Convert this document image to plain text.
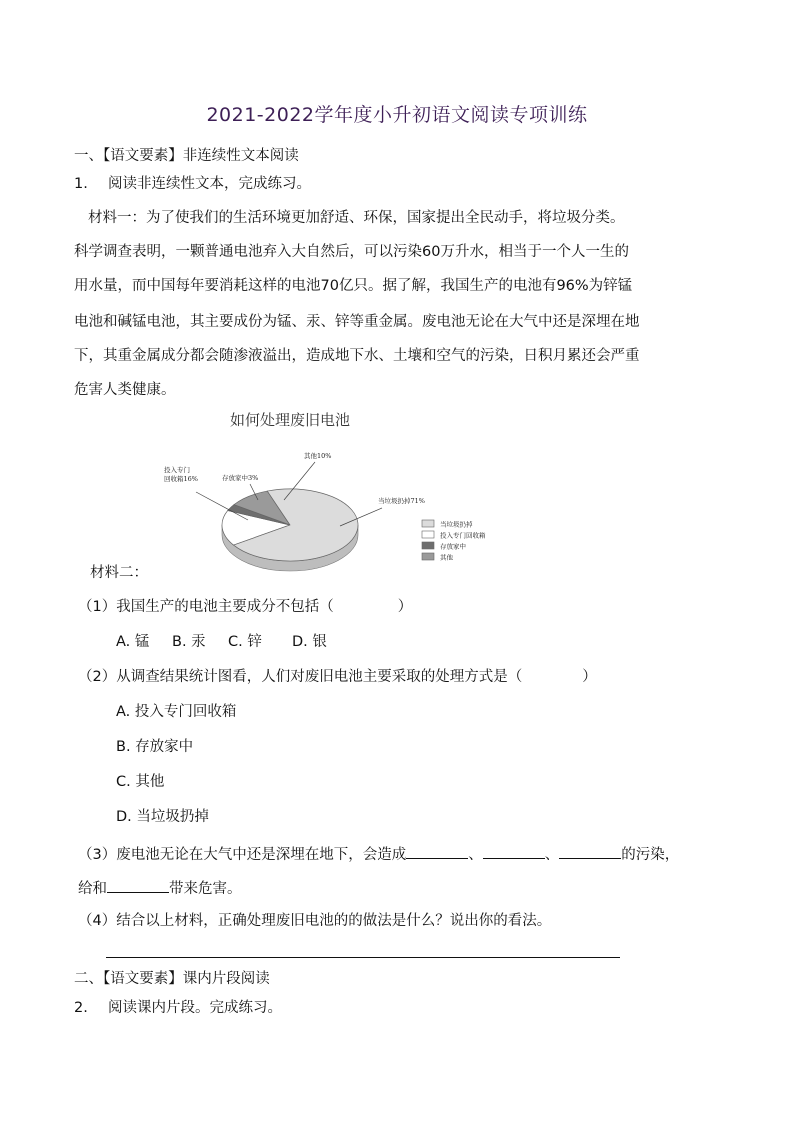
2021-2022学年度小升初语文阅读专项训练
一、【语文要素】非连续性文本阅读
1. 阅读非连续性文本，完成练习。
材料一：为了使我们的生活环境更加舒适、环保，国家提出全民动手，将垃圾分类。
科学调查表明，一颗普通电池弃入大自然后，可以污染60万升水，相当于一个人一生的
用水量，而中国每年要消耗这样的电池70亿只。据了解，我国生产的电池有96%为锌锰
电池和碱锰电池，其主要成份为锰、汞、锌等重金属。废电池无论在大气中还是深埋在地
下，其重金属成分都会随渗液溢出，造成地下水、土壤和空气的污染，日积月累还会严重
危害人类健康。
如何处理废旧电池
投入专门
回收箱16%	存放家中3%
其他10%
当垃圾扔掉71%
当垃圾扔掉
投入专门回收箱
存放家中
其他
材料二：
（1）我国生产的电池主要成分不包括（	）
A. 锰 B. 汞 C. 锌 D. 银
（2）从调查结果统计图看，人们对废旧电池主要采取的处理方式是（	）
A. 投入专门回收箱
B. 存放家中
C. 其他
D. 当垃圾扔掉
（3）废电池无论在大气中还是深埋在地下，会造成	、	、	的污染，
给和	带来危害。
（4）结合以上材料，正确处理废旧电池的的做法是什么？说出你的看法。
二、【语文要素】课内片段阅读
2. 阅读课内片段。完成练习。
